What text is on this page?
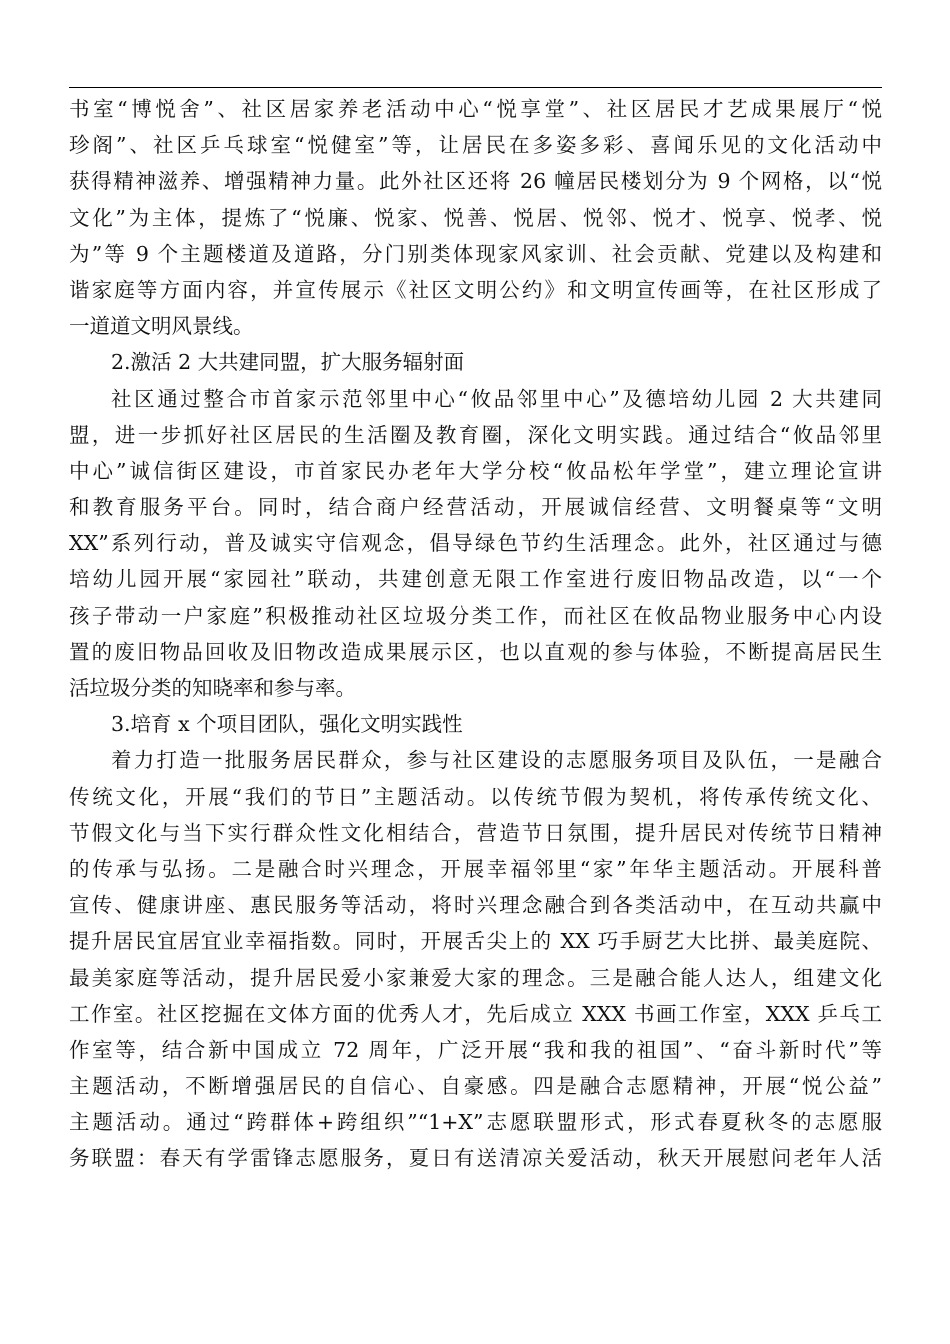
书室“博悦舍”、社区居家养老活动中心“悦享堂”、社区居民才艺成果展厅“悦
珍阁”、社区乒乓球室“悦健室”等，让居民在多姿多彩、喜闻乐见的文化活动中
获得精神滋养、增强精神力量。此外社区还将 26 幢居民楼划分为 9 个网格，以“悦
文化”为主体，提炼了“悦廉、悦家、悦善、悦居、悦邻、悦才、悦享、悦孝、悦
为”等 9 个主题楼道及道路，分门别类体现家风家训、社会贡献、党建以及构建和
谐家庭等方面内容，并宣传展示《社区文明公约》和文明宣传画等，在社区形成了
一道道文明风景线。
2.激活 2 大共建同盟，扩大服务辐射面
社区通过整合市首家示范邻里中心“攸品邻里中心”及德培幼儿园 2 大共建同
盟，进一步抓好社区居民的生活圈及教育圈，深化文明实践。通过结合“攸品邻里
中心”诚信街区建设，市首家民办老年大学分校“攸品松年学堂”，建立理论宣讲
和教育服务平台。同时，结合商户经营活动，开展诚信经营、文明餐桌等“文明
XX”系列行动，普及诚实守信观念，倡导绿色节约生活理念。此外，社区通过与德
培幼儿园开展“家园社”联动，共建创意无限工作室进行废旧物品改造，以“一个
孩子带动一户家庭”积极推动社区垃圾分类工作，而社区在攸品物业服务中心内设
置的废旧物品回收及旧物改造成果展示区，也以直观的参与体验，不断提高居民生
活垃圾分类的知晓率和参与率。
3.培育 x 个项目团队，强化文明实践性
着力打造一批服务居民群众，参与社区建设的志愿服务项目及队伍，一是融合
传统文化，开展“我们的节日”主题活动。以传统节假为契机，将传承传统文化、
节假文化与当下实行群众性文化相结合，营造节日氛围，提升居民对传统节日精神
的传承与弘扬。二是融合时兴理念，开展幸福邻里“家”年华主题活动。开展科普
宣传、健康讲座、惠民服务等活动，将时兴理念融合到各类活动中，在互动共赢中
提升居民宜居宜业幸福指数。同时，开展舌尖上的 XX 巧手厨艺大比拼、最美庭院、
最美家庭等活动，提升居民爱小家兼爱大家的理念。三是融合能人达人，组建文化
工作室。社区挖掘在文体方面的优秀人才，先后成立 XXX 书画工作室，XXX 乒乓工
作室等，结合新中国成立 72 周年，广泛开展“我和我的祖国”、“奋斗新时代”等
主题活动，不断增强居民的自信心、自豪感。四是融合志愿精神，开展“悦公益”
主题活动。通过“跨群体+跨组织”“1+X”志愿联盟形式，形式春夏秋冬的志愿服
务联盟：春天有学雷锋志愿服务，夏日有送清凉关爱活动，秋天开展慰问老年人活
